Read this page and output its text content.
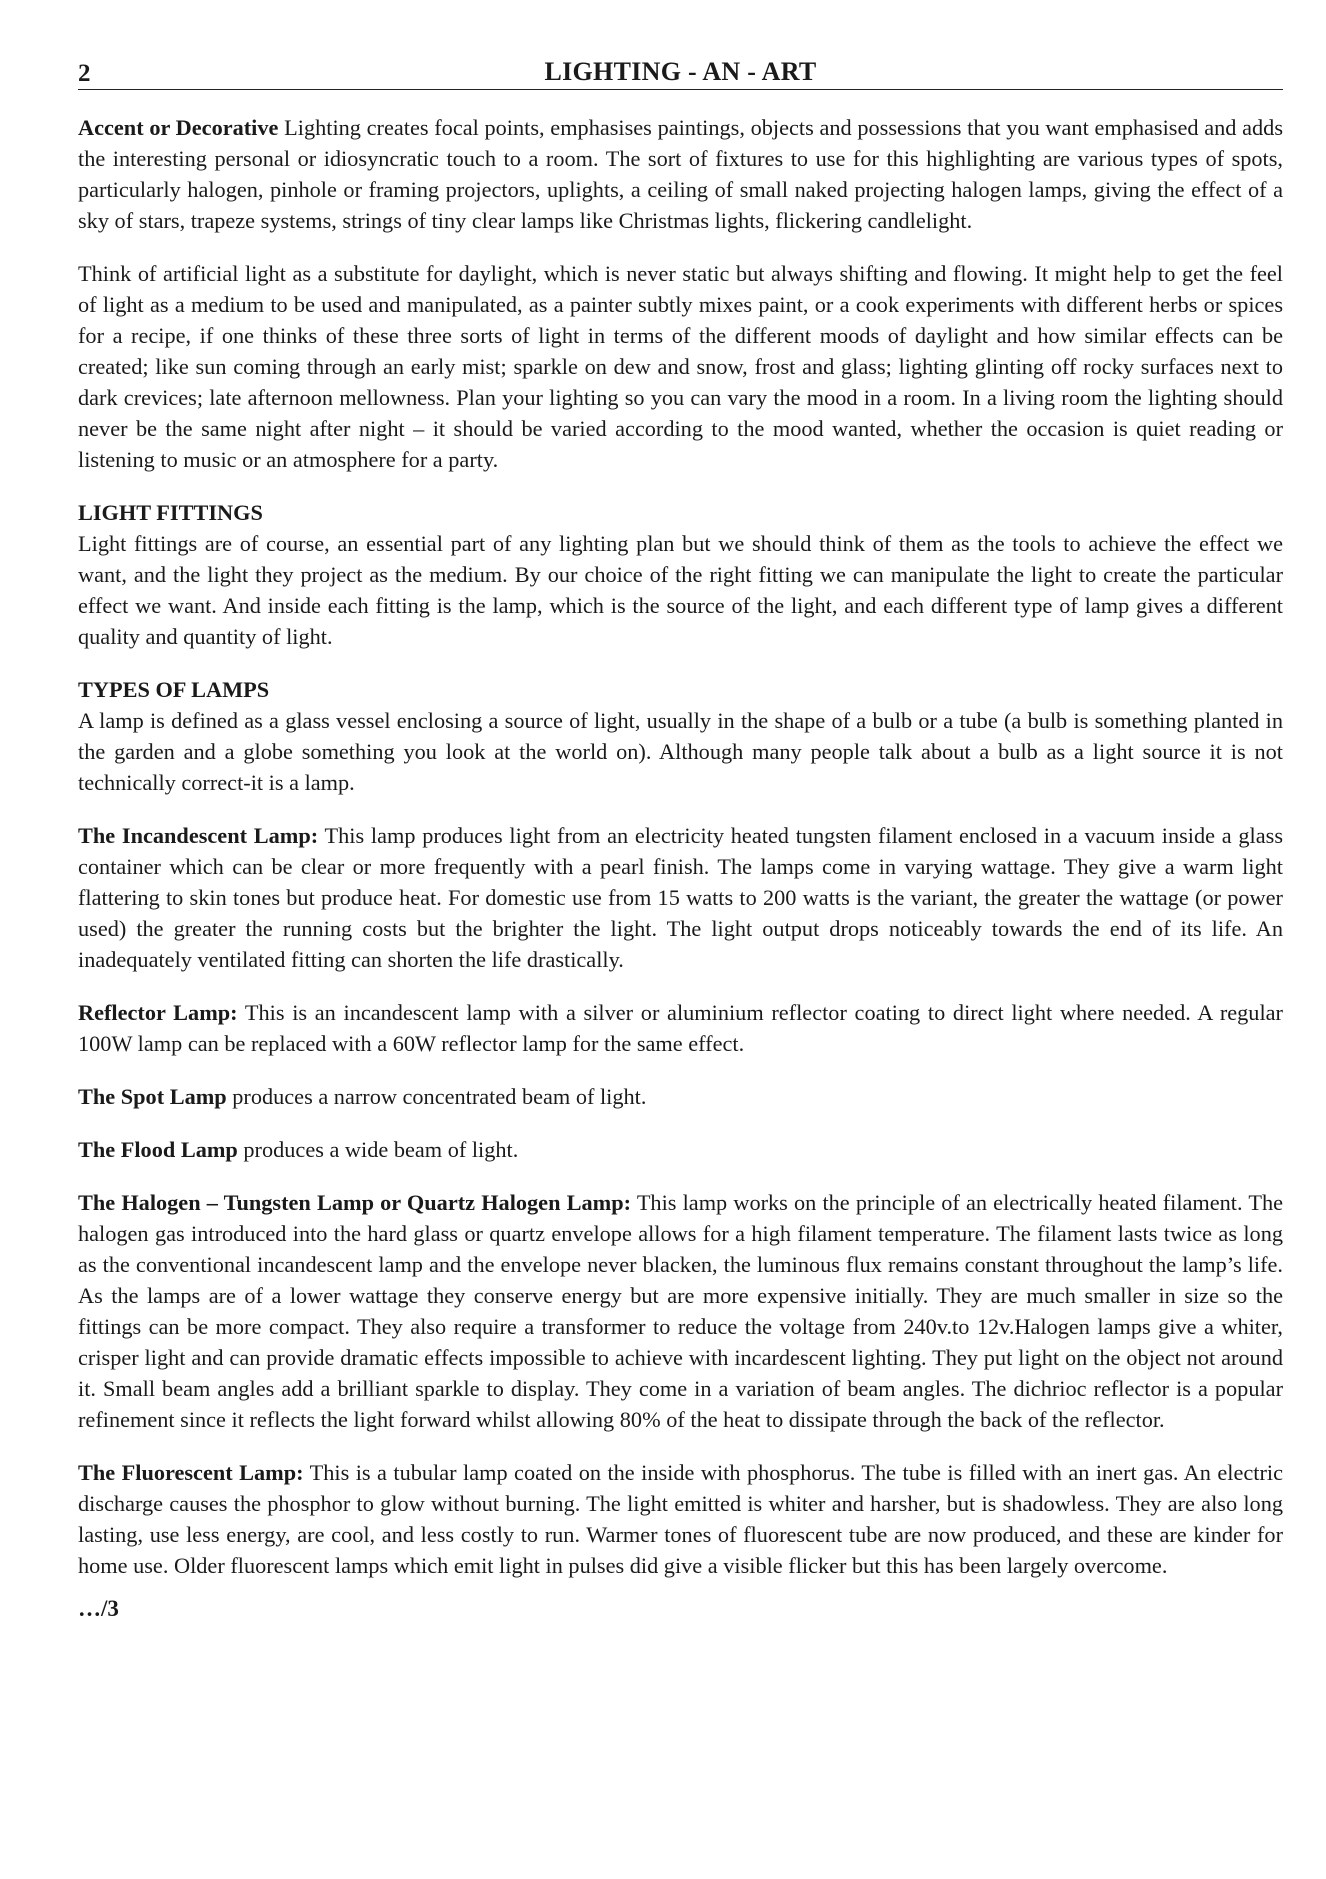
LIGHTING - AN - ART
2

Accent or Decorative Lighting creates focal points, emphasises paintings, objects and possessions that you want emphasised and adds the interesting personal or idiosyncratic touch to a room. The sort of fixtures to use for this highlighting are various types of spots, particularly halogen, pinhole or framing projectors, uplights, a ceiling of small naked projecting halogen lamps, giving the effect of a sky of stars, trapeze systems, strings of tiny clear lamps like Christmas lights, flickering candlelight.

Think of artificial light as a substitute for daylight, which is never static but always shifting and flowing. It might help to get the feel of light as a medium to be used and manipulated, as a painter subtly mixes paint, or a cook experiments with different herbs or spices for a recipe, if one thinks of these three sorts of light in terms of the different moods of daylight and how similar effects can be created; like sun coming through an early mist; sparkle on dew and snow, frost and glass; lighting glinting off rocky surfaces next to dark crevices; late afternoon mellowness. Plan your lighting so you can vary the mood in a room. In a living room the lighting should never be the same night after night – it should be varied according to the mood wanted, whether the occasion is quiet reading or listening to music or an atmosphere for a party.

LIGHT FITTINGS
Light fittings are of course, an essential part of any lighting plan but we should think of them as the tools to achieve the effect we want, and the light they project as the medium. By our choice of the right fitting we can manipulate the light to create the particular effect we want. And inside each fitting is the lamp, which is the source of the light, and each different type of lamp gives a different quality and quantity of light.

TYPES OF LAMPS
A lamp is defined as a glass vessel enclosing a source of light, usually in the shape of a bulb or a tube (a bulb is something planted in the garden and a globe something you look at the world on). Although many people talk about a bulb as a light source it is not technically correct-it is a lamp.

The Incandescent Lamp: This lamp produces light from an electricity heated tungsten filament enclosed in a vacuum inside a glass container which can be clear or more frequently with a pearl finish. The lamps come in varying wattage. They give a warm light flattering to skin tones but produce heat. For domestic use from 15 watts to 200 watts is the variant, the greater the wattage (or power used) the greater the running costs but the brighter the light. The light output drops noticeably towards the end of its life. An inadequately ventilated fitting can shorten the life drastically.

Reflector Lamp: This is an incandescent lamp with a silver or aluminium reflector coating to direct light where needed. A regular 100W lamp can be replaced with a 60W reflector lamp for the same effect.

The Spot Lamp produces a narrow concentrated beam of light.

The Flood Lamp produces a wide beam of light.

The Halogen – Tungsten Lamp or Quartz Halogen Lamp: This lamp works on the principle of an electrically heated filament. The halogen gas introduced into the hard glass or quartz envelope allows for a high filament temperature. The filament lasts twice as long as the conventional incandescent lamp and the envelope never blacken, the luminous flux remains constant throughout the lamp’s life. As the lamps are of a lower wattage they conserve energy but are more expensive initially. They are much smaller in size so the fittings can be more compact. They also require a transformer to reduce the voltage from 240v.to 12v.Halogen lamps give a whiter, crisper light and can provide dramatic effects impossible to achieve with incardescent lighting. They put light on the object not around it. Small beam angles add a brilliant sparkle to display. They come in a variation of beam angles. The dichrioc reflector is a popular refinement since it reflects the light forward whilst allowing 80% of the heat to dissipate through the back of the reflector.

The Fluorescent Lamp: This is a tubular lamp coated on the inside with phosphorus. The tube is filled with an inert gas. An electric discharge causes the phosphor to glow without burning. The light emitted is whiter and harsher, but is shadowless. They are also long lasting, use less energy, are cool, and less costly to run. Warmer tones of fluorescent tube are now produced, and these are kinder for home use. Older fluorescent lamps which emit light in pulses did give a visible flicker but this has been largely overcome.

…/3
